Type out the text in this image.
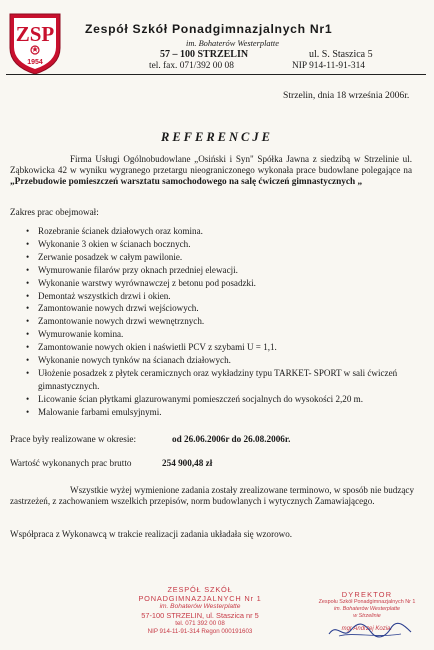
ZSP
1954
Zespół Szkół Ponadgimnazjalnych Nr1
im. Bohaterów Westerplatte
57 – 100 STRZELIN	ul. S. Staszica 5
tel. fax. 071/392 00 08	NIP 914-11-91-314
Strzelin, dnia 18 września 2006r.
REFERENCJE
Firma Usługi Ogólnobudowlane „Osiński i Syn" Spółka Jawna z siedzibą w Strzelinie ul. Ząbkowicka 42 w wyniku wygranego przetargu nieograniczonego wykonała prace budowlane polegające na „Przebudowie pomieszczeń warsztatu samochodowego na salę ćwiczeń gimnastycznych „
Zakres prac obejmował:
• Rozebranie ścianek działowych oraz komina.
• Wykonanie 3 okien w ścianach bocznych.
• Zerwanie posadzek w całym pawilonie.
• Wymurowanie filarów przy oknach przedniej elewacji.
• Wykonanie warstwy wyrównawczej z betonu pod posadzki.
• Demontaż wszystkich drzwi i okien.
• Zamontowanie nowych drzwi wejściowych.
• Zamontowanie nowych drzwi wewnętrznych.
• Wymurowanie komina.
• Zamontowanie nowych okien i naświetli PCV z szybami U = 1,1.
• Wykonanie nowych tynków na ścianach działowych.
• Ułożenie posadzek z płytek ceramicznych oraz wykładziny typu TARKET- SPORT w sali ćwiczeń gimnastycznych.
• Licowanie ścian płytkami glazurowanymi pomieszczeń socjalnych do wysokości 2,20 m.
• Malowanie farbami emulsyjnymi.
Prace były realizowane w okresie:	od 26.06.2006r do 26.08.2006r.
Wartość wykonanych prac brutto	254 900,48 zł
Wszystkie wyżej wymienione zadania zostały zrealizowane terminowo, w sposób nie budzący zastrzeżeń, z zachowaniem wszelkich przepisów, norm budowlanych i wytycznych Zamawiającego.
Współpraca z Wykonawcą w trakcie realizacji zadania układała się wzorowo.
ZESPÓŁ SZKÓŁ
PONADGIMNAZJALNYCH Nr 1
im. Bohaterów Westerplatte
57-100 STRZELIN, ul. Staszica nr 5
tel. 071 392 00 08
NIP 914-11-91-314 Regon 000191603
DYREKTOR
Zespołu Szkół Ponadgimnazjalnych Nr 1
im. Bohaterów Westerplatte
w Strzelinie
mgr Andrzej Koziar
